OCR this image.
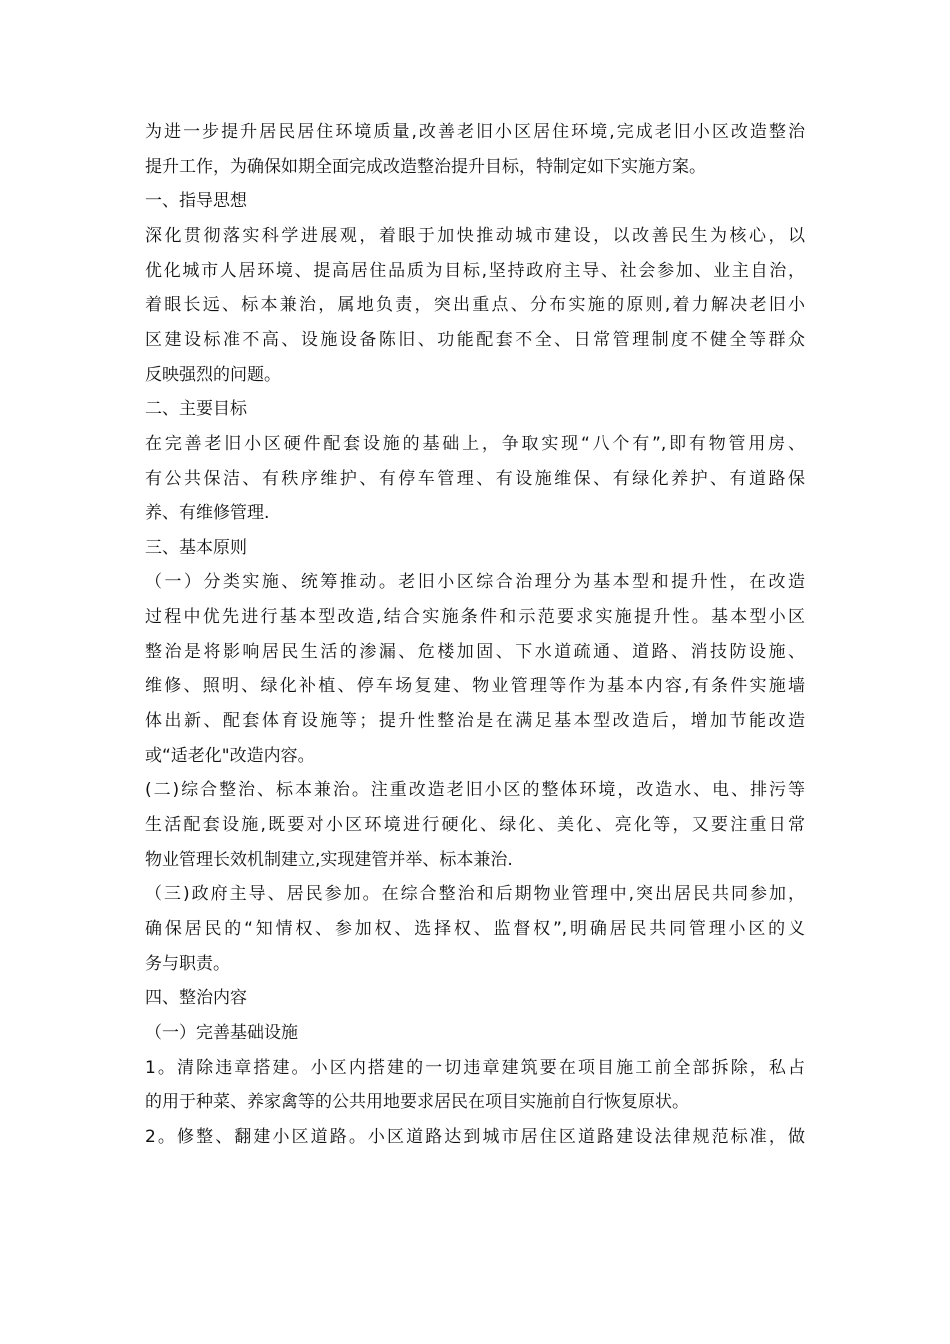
为进一步提升居民居住环境质量,改善老旧小区居住环境,完成老旧小区改造整治

提升工作，为确保如期全面完成改造整治提升目标，特制定如下实施方案。

一、指导思想

深化贯彻落实科学进展观，着眼于加快推动城市建设，以改善民生为核心，以

优化城市人居环境、提高居住品质为目标,坚持政府主导、社会参加、业主自治，

着眼长远、标本兼治，属地负责，突出重点、分布实施的原则,着力解决老旧小

区建设标准不高、设施设备陈旧、功能配套不全、日常管理制度不健全等群众

反映强烈的问题。

二、主要目标

在完善老旧小区硬件配套设施的基础上，争取实现“八个有”,即有物管用房、

有公共保洁、有秩序维护、有停车管理、有设施维保、有绿化养护、有道路保

养、有维修管理.

三、基本原则

（一）分类实施、统筹推动。老旧小区综合治理分为基本型和提升性，在改造

过程中优先进行基本型改造,结合实施条件和示范要求实施提升性。基本型小区

整治是将影响居民生活的渗漏、危楼加固、下水道疏通、道路、消技防设施、

维修、照明、绿化补植、停车场复建、物业管理等作为基本内容,有条件实施墙

体出新、配套体育设施等；提升性整治是在满足基本型改造后，增加节能改造

或“适老化"改造内容。

(二)综合整治、标本兼治。注重改造老旧小区的整体环境，改造水、电、排污等

生活配套设施,既要对小区环境进行硬化、绿化、美化、亮化等，又要注重日常

物业管理长效机制建立,实现建管并举、标本兼治.

（三)政府主导、居民参加。在综合整治和后期物业管理中,突出居民共同参加，

确保居民的“知情权、参加权、选择权、监督权”,明确居民共同管理小区的义

务与职责。

四、整治内容

（一）完善基础设施

1。清除违章搭建。小区内搭建的一切违章建筑要在项目施工前全部拆除，私占

的用于种菜、养家禽等的公共用地要求居民在项目实施前自行恢复原状。

2。修整、翻建小区道路。小区道路达到城市居住区道路建设法律规范标准，做
